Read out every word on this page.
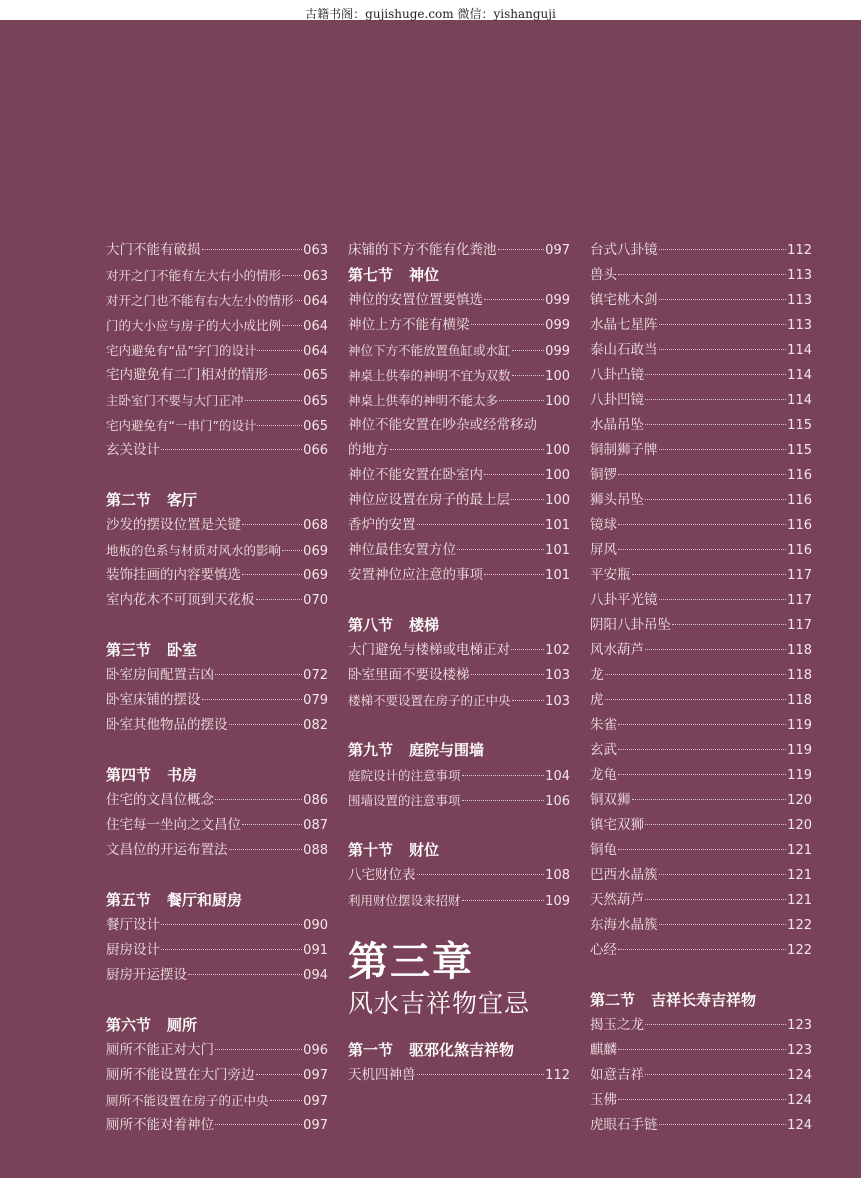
古籍书阁：gujishuge.com 微信：yishanguji
大门不能有破损	063
对开之门不能有左大右小的情形 063
对开之门也不能有右大左小的情形 064
门的大小应与房子的大小成比例 064
宅内避免有“品”字门的设计	064
宅内避免有二门相对的情形	065
主卧室门不要与大门正冲	065
宅内避免有“一串门”的设计	065
玄关设计	066
第二节 客厅
沙发的摆设位置是关键	068
地板的色系与材质对风水的影响 069
装饰挂画的内容要慎选	069
室内花木不可顶到天花板	070
第三节 卧室
卧室房间配置吉凶	072
卧室床铺的摆设	079
卧室其他物品的摆设	082
第四节 书房
住宅的文昌位概念	086
住宅每一坐向之文昌位	087
文昌位的开运布置法	088
第五节 餐厅和厨房
餐厅设计	090
厨房设计	091
厨房开运摆设	094
第六节 厕所
厕所不能正对大门	096
厕所不能设置在大门旁边	097
厕所不能设置在房子的正中央	097
厕所不能对着神位	097
床铺的下方不能有化粪池	097
第七节 神位
神位的安置位置要慎选	099
神位上方不能有横梁	099
神位下方不能放置鱼缸或水缸	099
神桌上供奉的神明不宜为双数	100
神桌上供奉的神明不能太多	100
神位不能安置在吵杂或经常移动
的地方	100
神位不能安置在卧室内	100
神位应设置在房子的最上层	100
香炉的安置	101
神位最佳安置方位	101
安置神位应注意的事项	101
第八节 楼梯
大门避免与楼梯或电梯正对	102
卧室里面不要设楼梯	103
楼梯不要设置在房子的正中央	103
第九节 庭院与围墙
庭院设计的注意事项	104
围墙设置的注意事项	106
第十节 财位
八宅财位表	108
利用财位摆设来招财	109
第三章
风水吉祥物宜忌
第一节 驱邪化煞吉祥物
天机四神兽	112
台式八卦镜	112
兽头	113
镇宅桃木剑	113
水晶七星阵	113
泰山石敢当	114
八卦凸镜	114
八卦凹镜	114
水晶吊坠	115
铜制狮子牌	115
铜锣	116
狮头吊坠	116
镜球	116
屏风	116
平安瓶	117
八卦平光镜	117
阴阳八卦吊坠	117
风水葫芦	118
龙	118
虎	118
朱雀	119
玄武	119
龙龟	119
铜双狮	120
镇宅双狮	120
铜龟	121
巴西水晶簇	121
天然葫芦	121
东海水晶簇	122
心经	122
第二节 吉祥长寿吉祥物
揭玉之龙	123
麒麟	123
如意吉祥	124
玉佛	124
虎眼石手链	124
